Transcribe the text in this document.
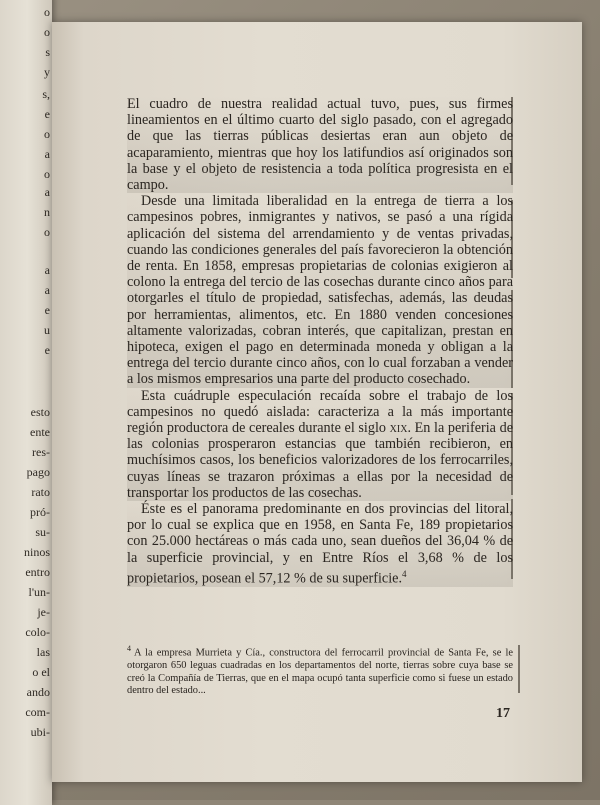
o
o
s
y
s,
e
o
a
o
a
n
o
a
a
e
u
e
esto
ente
res-
pago
rato
pró-
su-
ninos
entro
l'un-
je-
colo-
las
o el
ando
com-
ubi-

El cuadro de nuestra realidad actual tuvo, pues, sus firmes lineamientos en el último cuarto del siglo pasado, con el agregado de que las tierras públicas desiertas eran aun objeto de acaparamiento, mientras que hoy los latifundios así originados son la base y el objeto de resistencia a toda política progresista en el campo.

Desde una limitada liberalidad en la entrega de tierra a los campesinos pobres, inmigrantes y nativos, se pasó a una rígida aplicación del sistema del arrendamiento y de ventas privadas, cuando las condiciones generales del país favorecieron la obtención de renta. En 1858, empresas propietarias de colonias exigieron al colono la entrega del tercio de las cosechas durante cinco años para otorgarles el título de propiedad, satisfechas, además, las deudas por herramientas, alimentos, etc. En 1880 venden concesiones altamente valorizadas, cobran interés, que capitalizan, prestan en hipoteca, exigen el pago en determinada moneda y obligan a la entrega del tercio durante cinco años, con lo cual forzaban a vender a los mismos empresarios una parte del producto cosechado.

Esta cuádruple especulación recaída sobre el trabajo de los campesinos no quedó aislada: caracteriza a la más importante región productora de cereales durante el siglo xix. En la periferia de las colonias prosperaron estancias que también recibieron, en muchísimos casos, los beneficios valorizadores de los ferrocarriles, cuyas líneas se trazaron próximas a ellas por la necesidad de transportar los productos de las cosechas.

Éste es el panorama predominante en dos provincias del litoral, por lo cual se explica que en 1958, en Santa Fe, 189 propietarios con 25.000 hectáreas o más cada uno, sean dueños del 36,04 % de la superficie provincial, y en Entre Ríos el 3,68 % de los propietarios, posean el 57,12 % de su superficie.$^4$

$^4$ A la empresa Murrieta y Cía., constructora del ferrocarril provincial de Santa Fe, se le otorgaron 650 leguas cuadradas en los departamentos del norte, tierras sobre cuya base se creó la Compañía de Tierras, que en el mapa ocupó tanta superficie como si fuese un estado dentro del estado...
17
